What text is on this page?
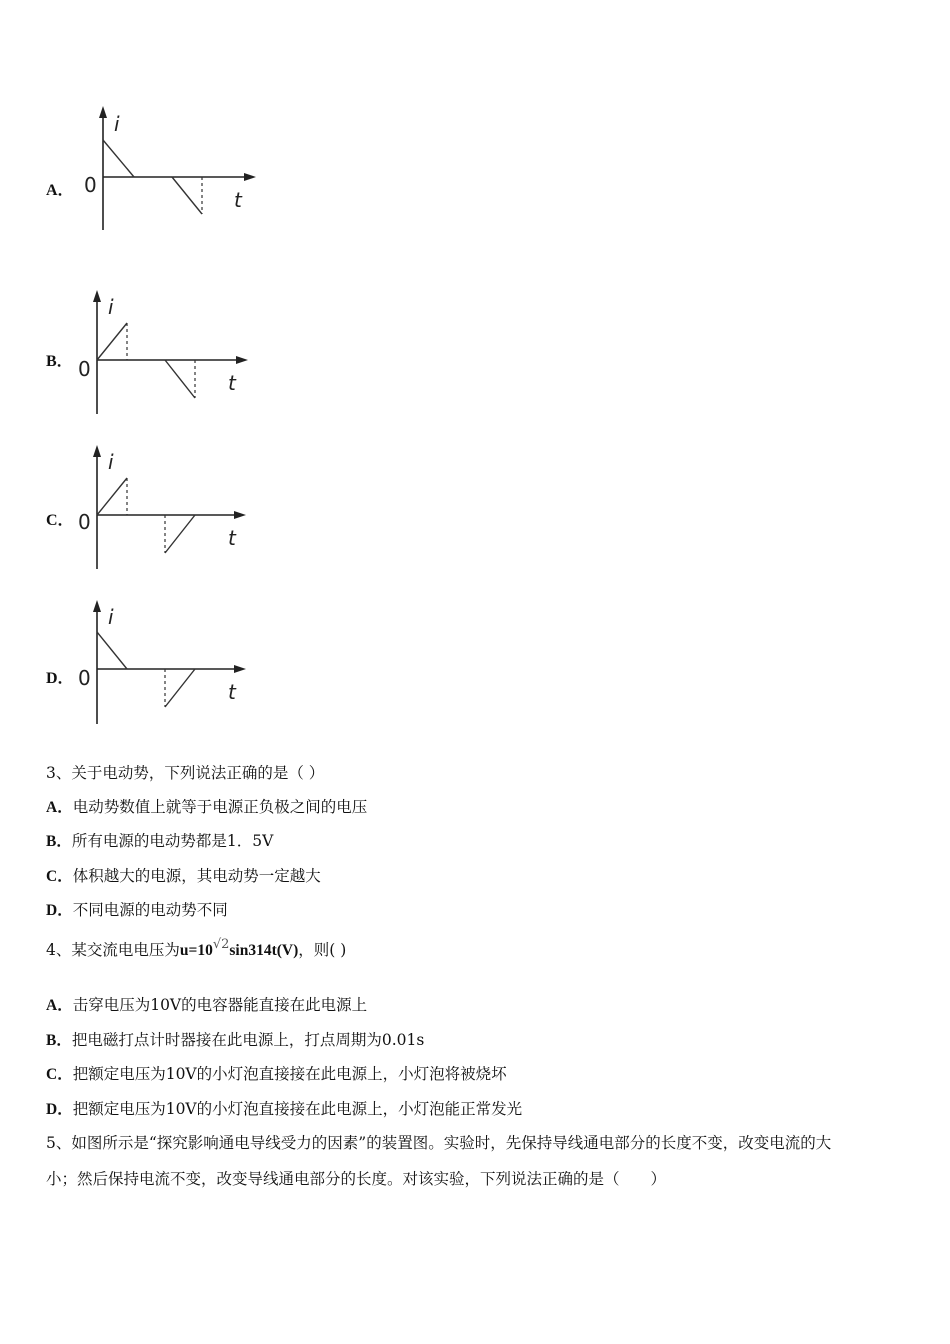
A．
i
0
t
B．
i
0
t
C．
i
0
t
D．
i
0
t
3、关于电动势，下列说法正确的是（ ）
A．电动势数值上就等于电源正负极之间的电压
B．所有电源的电动势都是1．5V
C．体积越大的电源，其电动势一定越大
D．不同电源的电动势不同
4、某交流电电压为$u=10^{√2}\sin 314t(V)$，则( )
A．击穿电压为10V的电容器能直接在此电源上
B．把电磁打点计时器接在此电源上，打点周期为0.01s
C．把额定电压为10V的小灯泡直接接在此电源上，小灯泡将被烧坏
D．把额定电压为10V的小灯泡直接接在此电源上，小灯泡能正常发光
5、如图所示是“探究影响通电导线受力的因素”的装置图。实验时，先保持导线通电部分的长度不变，改变电流的大
小；然后保持电流不变，改变导线通电部分的长度。对该实验，下列说法正确的是（　　）
